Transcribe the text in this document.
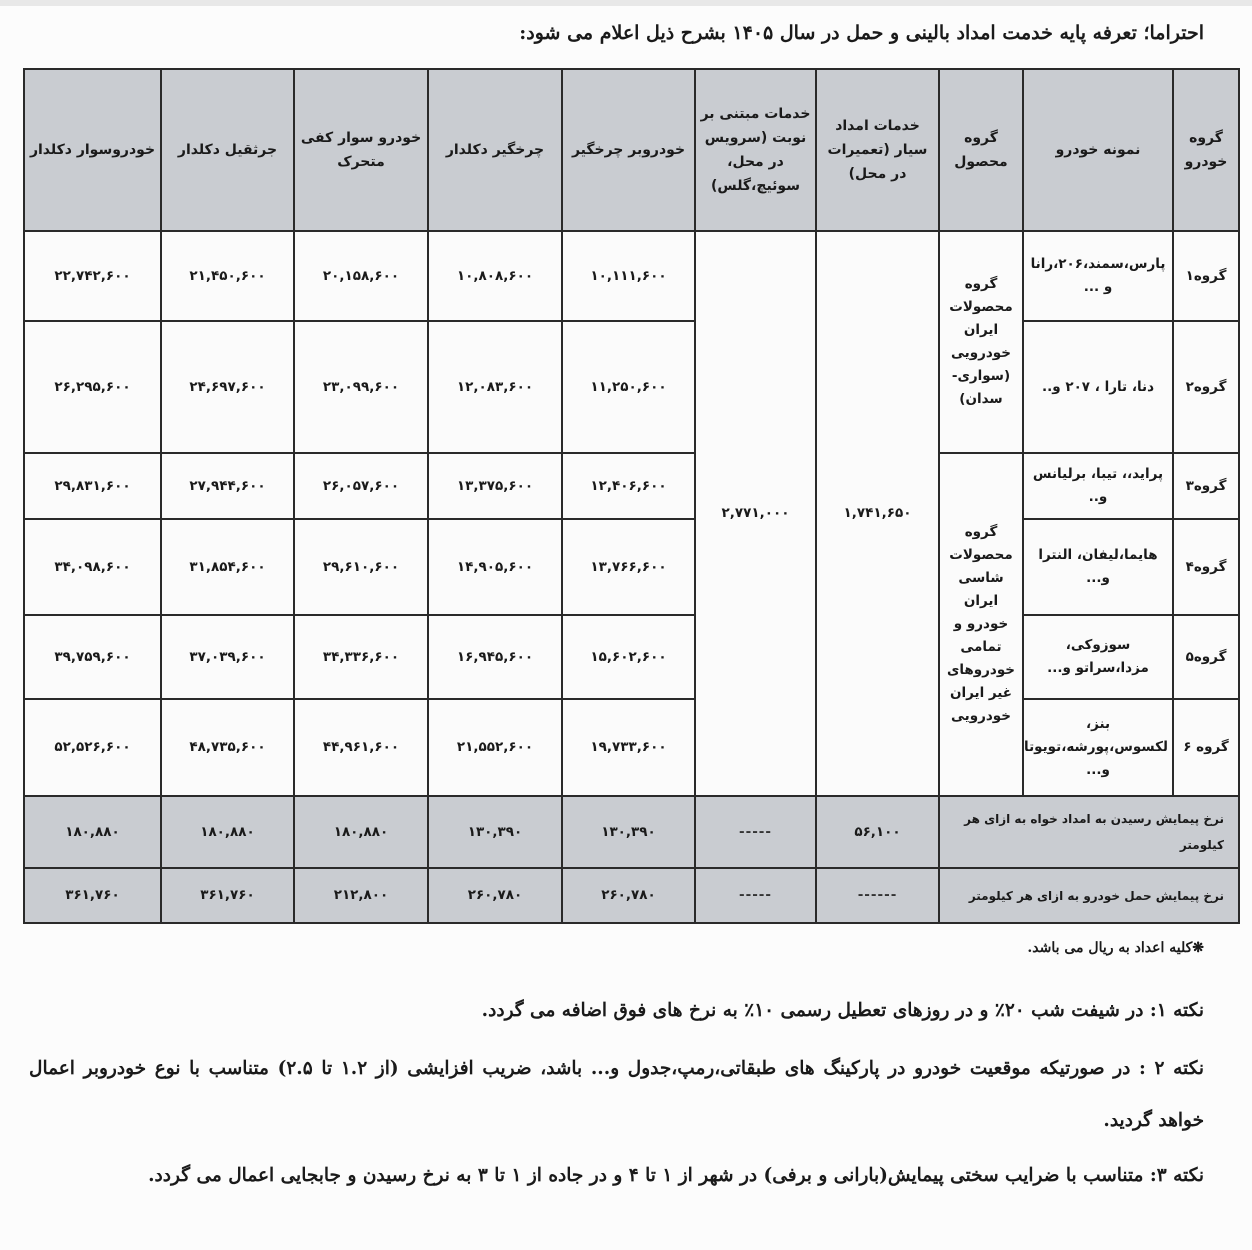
احتراما؛ تعرفه پایه خدمت امداد بالینی و حمل در سال ۱۴۰۵ بشرح ذیل اعلام می شود:
گروه خودرو	نمونه خودرو	گروه محصول	خدمات امداد سیار (تعمیرات در محل)	خدمات مبتنی بر نوبت (سرویس در محل، سوئیچ،گلس)	خودروبر چرخگیر	چرخگیر دکلدار	خودرو سوار کفی متحرک	جرثقیل دکلدار	خودروسوار دکلدار
گروه۱	پارس،سمند،۲۰۶،رانا و ...	گروه محصولات ایران خودرویی (سواری- سدان)	۱,۷۴۱,۶۵۰	۲,۷۷۱,۰۰۰	۱۰,۱۱۱,۶۰۰	۱۰,۸۰۸,۶۰۰	۲۰,۱۵۸,۶۰۰	۲۱,۴۵۰,۶۰۰	۲۲,۷۴۲,۶۰۰
گروه۲	دنا، تارا ، ۲۰۷ و..				۱۱,۲۵۰,۶۰۰	۱۲,۰۸۳,۶۰۰	۲۳,۰۹۹,۶۰۰	۲۴,۶۹۷,۶۰۰	۲۶,۲۹۵,۶۰۰
گروه۳	پراید،، تیبا، برلیانس و..	گروه محصولات شاسی ایران خودرو و تمامی خودروهای غیر ایران خودرویی			۱۲,۴۰۶,۶۰۰	۱۳,۳۷۵,۶۰۰	۲۶,۰۵۷,۶۰۰	۲۷,۹۴۴,۶۰۰	۲۹,۸۳۱,۶۰۰
گروه۴	هایما،لیفان، النترا و...				۱۳,۷۶۶,۶۰۰	۱۴,۹۰۵,۶۰۰	۲۹,۶۱۰,۶۰۰	۳۱,۸۵۴,۶۰۰	۳۴,۰۹۸,۶۰۰
گروه۵	سوزوکی، مزدا،سراتو و...				۱۵,۶۰۲,۶۰۰	۱۶,۹۴۵,۶۰۰	۳۴,۳۳۶,۶۰۰	۳۷,۰۳۹,۶۰۰	۳۹,۷۵۹,۶۰۰
گروه ۶	بنز، لکسوس،پورشه،تویوتا و...				۱۹,۷۳۳,۶۰۰	۲۱,۵۵۲,۶۰۰	۴۴,۹۶۱,۶۰۰	۴۸,۷۳۵,۶۰۰	۵۲,۵۲۶,۶۰۰
نرخ پیمایش رسیدن به امداد خواه به ازای هر کیلومتر			۵۶,۱۰۰	-----	۱۳۰,۳۹۰	۱۳۰,۳۹۰	۱۸۰,۸۸۰	۱۸۰,۸۸۰	۱۸۰,۸۸۰
نرخ پیمایش حمل خودرو به ازای هر کیلومتر			------	-----	۲۶۰,۷۸۰	۲۶۰,۷۸۰	۲۱۲,۸۰۰	۳۶۱,۷۶۰	۳۶۱,۷۶۰
❋کلیه اعداد به ریال می باشد.
نکته ۱: در شیفت شب ۲۰٪ و در روزهای تعطیل رسمی ۱۰٪ به نرخ های فوق اضافه می گردد.
نکته ۲ : در صورتیکه موقعیت خودرو در پارکینگ های طبقاتی،رمپ،جدول و... باشد، ضریب افزایشی (از ۱.۲ تا ۲.۵) متناسب با نوع خودروبر اعمال خواهد گردید.
نکته ۳: متناسب با ضرایب سختی پیمایش(بارانی و برفی) در شهر از ۱ تا ۴ و در جاده از ۱ تا ۳ به نرخ رسیدن و جابجایی اعمال می گردد.
